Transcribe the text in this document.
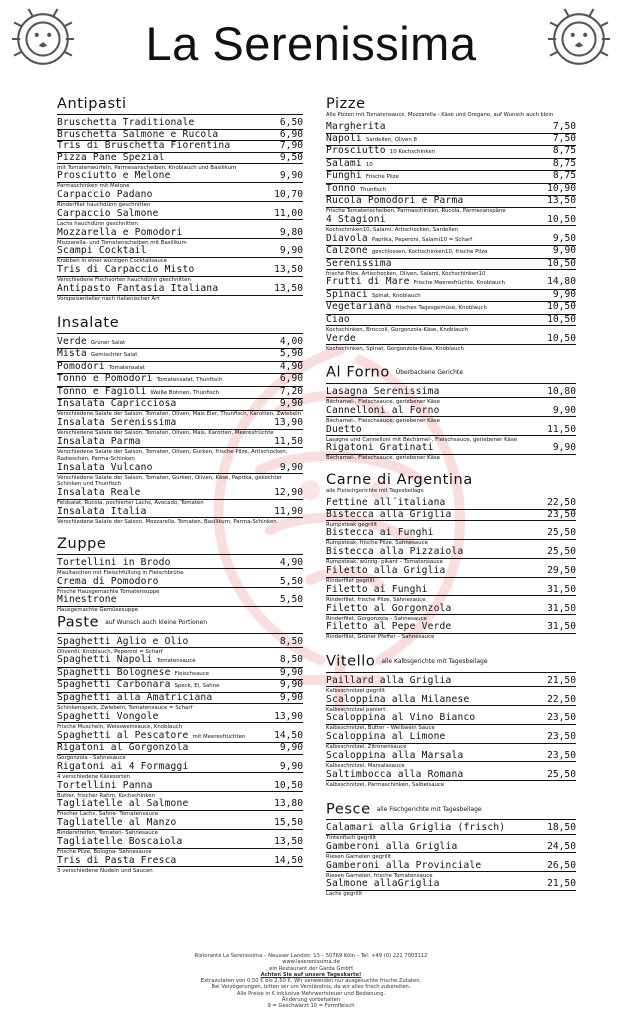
La Serenissima
Antipasti
Bruschetta Traditionale	6,50
Bruschetta Salmone e Rucola	6,90
Tris di Bruschetta Fiorentina	7,90
Pizza Pane Spezial	9,50
mit Tomatenwürfeln, Parmesanscheiben, Knoblauch und Basilikum
Prosciutto e Melone	9,90
Parmaschinken mit Melone
Carpaccio Padano	10,70
Rinderfilet hauchdünn geschnitten
Carpaccio Salmone	11,00
Lachs hauchdünn geschnitten
Mozzarella e Pomodori	9,80
Mozzarella- und Tomatenscheiben mit Basilikum
Scampi Cocktail	9,90
Krabben in einer würzigen Cocktailsauce
Tris di Carpaccio Misto	13,50
Verschiedene Fischsorten hauchdünn geschnitten
Antipasto Fantasia Italiana	13,50
Vorspeisenteller nach italienischer Art
Insalate
Verde Grüner Salat	4,00
Mista Gemischter Salat	5,90
Pomodori Tomatensalat	4,90
Tonno e Pomodori Tomatensalat, Thunfisch	6,90
Tonno e Fagioli Weiße Bohnen, Thunfisch	7,20
Insalata Capricciosa	9,90
Verschiedene Salate der Saison, Tomaten, Oliven, Mais Eier, Thunfisch, Karotten, Zwiebeln
Insalata Serenissima	13,90
Verschiedene Salate der Saison, Tomaten, Oliven, Mais, Karotten, Meeresfrüchte
Insalata Parma	11,50
Verschiedene Salate der Saison, Tomaten, Oliven, Gurken, frische Pilze, Artischocken, Radieschen, Parma-Schinken
Insalata Vulcano	9,90
Verschiedene Salate der Saison, Tomaten, Gurken, Oliven, Käse, Paprika, gekochter Schinken und Thunfisch
Insalata Reale	12,90
Feldsalat, Rucola, pochierter Lachs, Avocado, Tomaten
Insalata Italia	11,90
Verschiedene Salate der Saison, Mozzarella, Tomaten, Basilikum, Parma-Schinken
Zuppe
Tortellini in Brodo	4,90
Maultaschen mit Fleischfüllung in Fleischbrühe
Crema di Pomodoro	5,50
Frische Hausgemachte Tomatensuppe
Minestrone	5,50
Hausgemachte Gemüsesuppe
Paste auf Wunsch auch kleine Portionen
Spaghetti Aglio e Olio	8,50
Olivenöl, Knoblauch, Peperoni = Scharf
Spaghetti Napoli Tomatensauce	8,50
Spaghetti Bolognese Fleischsauce	9,90
Spaghetti Carbonara Speck, Ei, Sahne	9,90
Spaghetti alla Amatriciana	9,90
Schinkenspeck, Zwiebeln, Tomatensauce = Scharf
Spaghetti Vongole	13,90
Frische Muscheln, Weissweinsauce, Knoblauch
Spaghetti al Pescatore mit Meeresfrüchten	14,50
Rigatoni al Gorgonzola	9,90
Gorgonzola - Sahnesauce
Rigatoni ai 4 Formaggi	9,90
4 verschiedene Käsesorten
Tortellini Panna	10,50
Butter, frischer Rahm, Kochschinken
Tagliatelle al Salmone	13,80
Frischer Lachs, Sahne- Tomatensauce
Tagliatelle al Manzo	15,50
Rinderstreifen, Tomaten- Sahnesauce
Tagliatelle Boscaiola	13,50
Frische Pilze, Bologna- Sahnesauce
Tris di Pasta Fresca	14,50
3 verschiedene Nudeln und Saucen
Pizze
Alle Pizzen mit Tomatensauce, Mozzarella - Käse und Oregano, auf Wunsch auch klein
Margherita	7,50
Napoli Sardellen, Oliven 8	7,50
Prosciutto 10 Kochschinken	8,75
Salami 10	8,75
Funghi Frische Pilze	8,75
Tonno Thunfisch	10,90
Rucola Pomodori e Parma	13,50
Frische Tomatenscheiben, Parmaschinken, Rucola, Parmesanspäne
4 Stagioni	10,50
Kochschinken10, Salami, Artischocken, Sardellen
Diavola Paprika, Peperoni, Salami10 = Scharf	9,50
Calzone geschlossen, Kochschinken10, frische Pilze	9,90
Serenissima	10,50
frische Pilze, Artischocken, Oliven, Salami, Kochschinken10
Frutti di Mare Frische Meeresfrüchte, Knoblauch	14,80
Spinaci Spinat, Knoblauch	9,90
Vegetariana frisches Tagesgemüse, Knoblauch	10,50
Ciao	10,50
Kochschinken, Broccoli, Gorgonzola-Käse, Knoblauch
Verde	10,50
Kochschinken, Spinat, Gorgonzola-Käse, Knoblauch
Al Forno Überbackene Gerichte
Lasagna Serenissima	10,80
Béchamel-, Fleischsauce, geriebener Käse
Cannelloni al Forno	9,90
Béchamel-, Fleischsauce, geriebener Käse
Duetto	11,50
Lasagne und Cannelloni mit Béchamel-, Fleischsauce, geriebener Käse
Rigatoni Gratinati	9,90
Béchamel-, Fleischsauce, geriebener Käse
Carne di Argentina
alle Fleischgerichte mit Tagesbeilage
Fettine all´italiana	22,50
Bistecca alla Griglia	23,50
Rumpsteak gegrillt
Bistecca ai Funghi	25,50
Rumpsteak, frische Pilze, Sahnesauce
Bistecca alla Pizzaiola	25,50
Rumpsteak, würzig- pikant – Tomatensauce
Filetto alla Griglia	29,50
Rinderfilet gegrillt
Filetto ai Funghi	31,50
Rinderfilet, frische Pilze, Sahnesauce
Filetto al Gorgonzola	31,50
Rinderfilet, Gorgonzola – Sahnesauce
Filetto al Pepe Verde	31,50
Rinderfilet, Grüner Pfeffer – Sahnesauce
Vitello alle Kalbsgerichte mit Tagesbeilage
Paillard alla Griglia	21,50
Kalbsschnitzel gegrillt
Scaloppina alla Milanese	22,50
Kalbsschnitzel paniert
Scaloppina al Vino Bianco	23,50
Kalbsschnitzel, Butter – Weißwein Sauce
Scaloppina al Limone	23,50
Kalbsschnitzel, Zitronensauce
Scaloppina alla Marsala	23,50
Kalbsschnitzel, Marsalasauce
Saltimbocca alla Romana	25,50
Kalbsschnitzel, Parmaschinken, Salbeisauce
Pesce alle Fischgerichte mit Tagesbeilage
Calamari alla Griglia (frisch)	18,50
Tintenfisch gegrillt
Gamberoni alla Griglia	24,50
Riesen Garnelen gegrillt
Gamberoni alla Provinciale	26,50
Riesen Garnelen, frische Tomatensauce
Salmone allaGriglia	21,50
Lachs gegrillt
Ristorante La Serenissima – Neusser Landstr. 13 – 50769 Köln – Tel: +49 (0) 221 7003112
www.laserenissima.de
ein Restaurant der Garda GmbH
Achten Sie auf unsere Tageskarte!
Extrazutaten von 0,50 € bis 2,50 €. Wir verwenden nur ausgesuchte frische Zutaten.
Bei Verzögerungen, bitten wir um Verständnis, da wir alles frisch zubereiten.
Alle Preise in € inklusive Mehrwertsteuer und Bedienung.
Änderung vorbehalten
9 = Geschwärzt 10 = Formfleisch
